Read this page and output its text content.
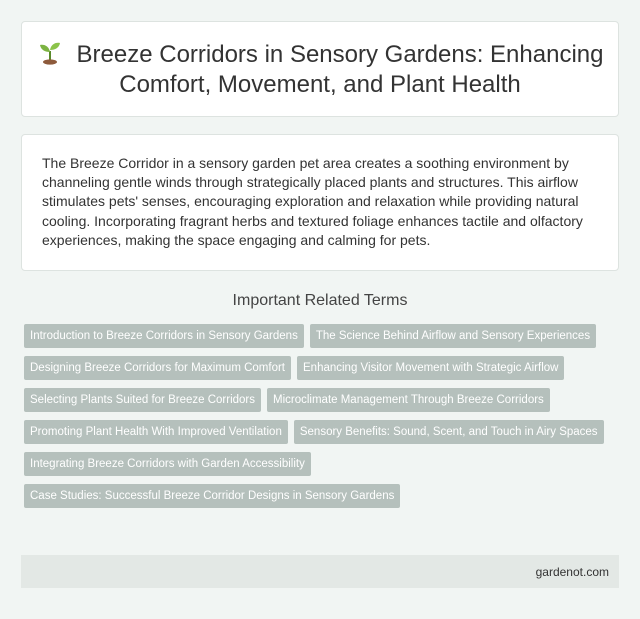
Breeze Corridors in Sensory Gardens: Enhancing Comfort, Movement, and Plant Health

The Breeze Corridor in a sensory garden pet area creates a soothing environment by channeling gentle winds through strategically placed plants and structures. This airflow stimulates pets' senses, encouraging exploration and relaxation while providing natural cooling. Incorporating fragrant herbs and textured foliage enhances tactile and olfactory experiences, making the space engaging and calming for pets.

Important Related Terms
Introduction to Breeze Corridors in Sensory Gardens	The Science Behind Airflow and Sensory Experiences
Designing Breeze Corridors for Maximum Comfort	Enhancing Visitor Movement with Strategic Airflow
Selecting Plants Suited for Breeze Corridors	Microclimate Management Through Breeze Corridors
Promoting Plant Health With Improved Ventilation	Sensory Benefits: Sound, Scent, and Touch in Airy Spaces
Integrating Breeze Corridors with Garden Accessibility
Case Studies: Successful Breeze Corridor Designs in Sensory Gardens
gardenot.com
